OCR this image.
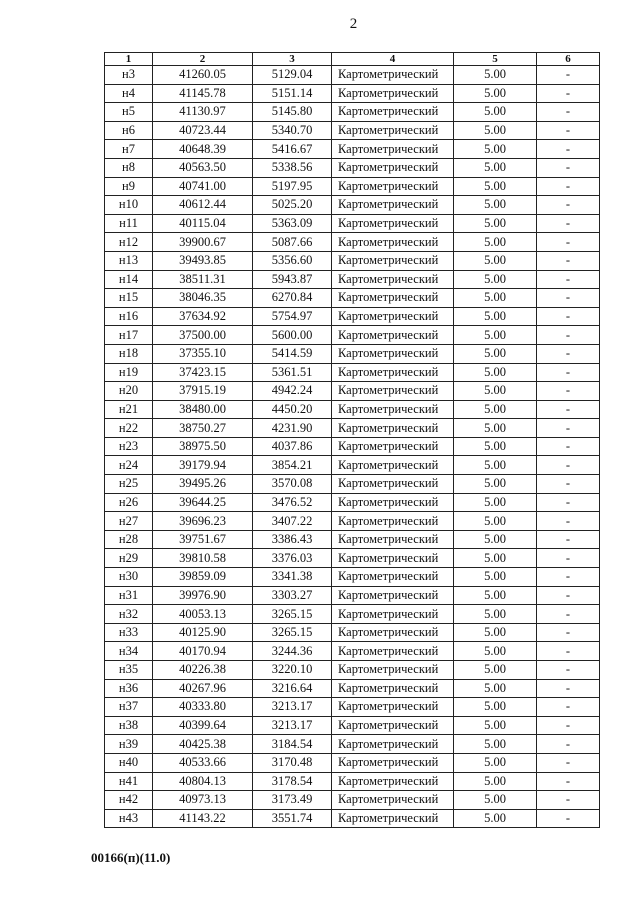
2
1	2	3	4	5	6
н3	41260.05	5129.04	Картометрический	5.00	-
н4	41145.78	5151.14	Картометрический	5.00	-
н5	41130.97	5145.80	Картометрический	5.00	-
н6	40723.44	5340.70	Картометрический	5.00	-
н7	40648.39	5416.67	Картометрический	5.00	-
н8	40563.50	5338.56	Картометрический	5.00	-
н9	40741.00	5197.95	Картометрический	5.00	-
н10	40612.44	5025.20	Картометрический	5.00	-
н11	40115.04	5363.09	Картометрический	5.00	-
н12	39900.67	5087.66	Картометрический	5.00	-
н13	39493.85	5356.60	Картометрический	5.00	-
н14	38511.31	5943.87	Картометрический	5.00	-
н15	38046.35	6270.84	Картометрический	5.00	-
н16	37634.92	5754.97	Картометрический	5.00	-
н17	37500.00	5600.00	Картометрический	5.00	-
н18	37355.10	5414.59	Картометрический	5.00	-
н19	37423.15	5361.51	Картометрический	5.00	-
н20	37915.19	4942.24	Картометрический	5.00	-
н21	38480.00	4450.20	Картометрический	5.00	-
н22	38750.27	4231.90	Картометрический	5.00	-
н23	38975.50	4037.86	Картометрический	5.00	-
н24	39179.94	3854.21	Картометрический	5.00	-
н25	39495.26	3570.08	Картометрический	5.00	-
н26	39644.25	3476.52	Картометрический	5.00	-
н27	39696.23	3407.22	Картометрический	5.00	-
н28	39751.67	3386.43	Картометрический	5.00	-
н29	39810.58	3376.03	Картометрический	5.00	-
н30	39859.09	3341.38	Картометрический	5.00	-
н31	39976.90	3303.27	Картометрический	5.00	-
н32	40053.13	3265.15	Картометрический	5.00	-
н33	40125.90	3265.15	Картометрический	5.00	-
н34	40170.94	3244.36	Картометрический	5.00	-
н35	40226.38	3220.10	Картометрический	5.00	-
н36	40267.96	3216.64	Картометрический	5.00	-
н37	40333.80	3213.17	Картометрический	5.00	-
н38	40399.64	3213.17	Картометрический	5.00	-
н39	40425.38	3184.54	Картометрический	5.00	-
н40	40533.66	3170.48	Картометрический	5.00	-
н41	40804.13	3178.54	Картометрический	5.00	-
н42	40973.13	3173.49	Картометрический	5.00	-
н43	41143.22	3551.74	Картометрический	5.00	-
00166(п)(11.0)
